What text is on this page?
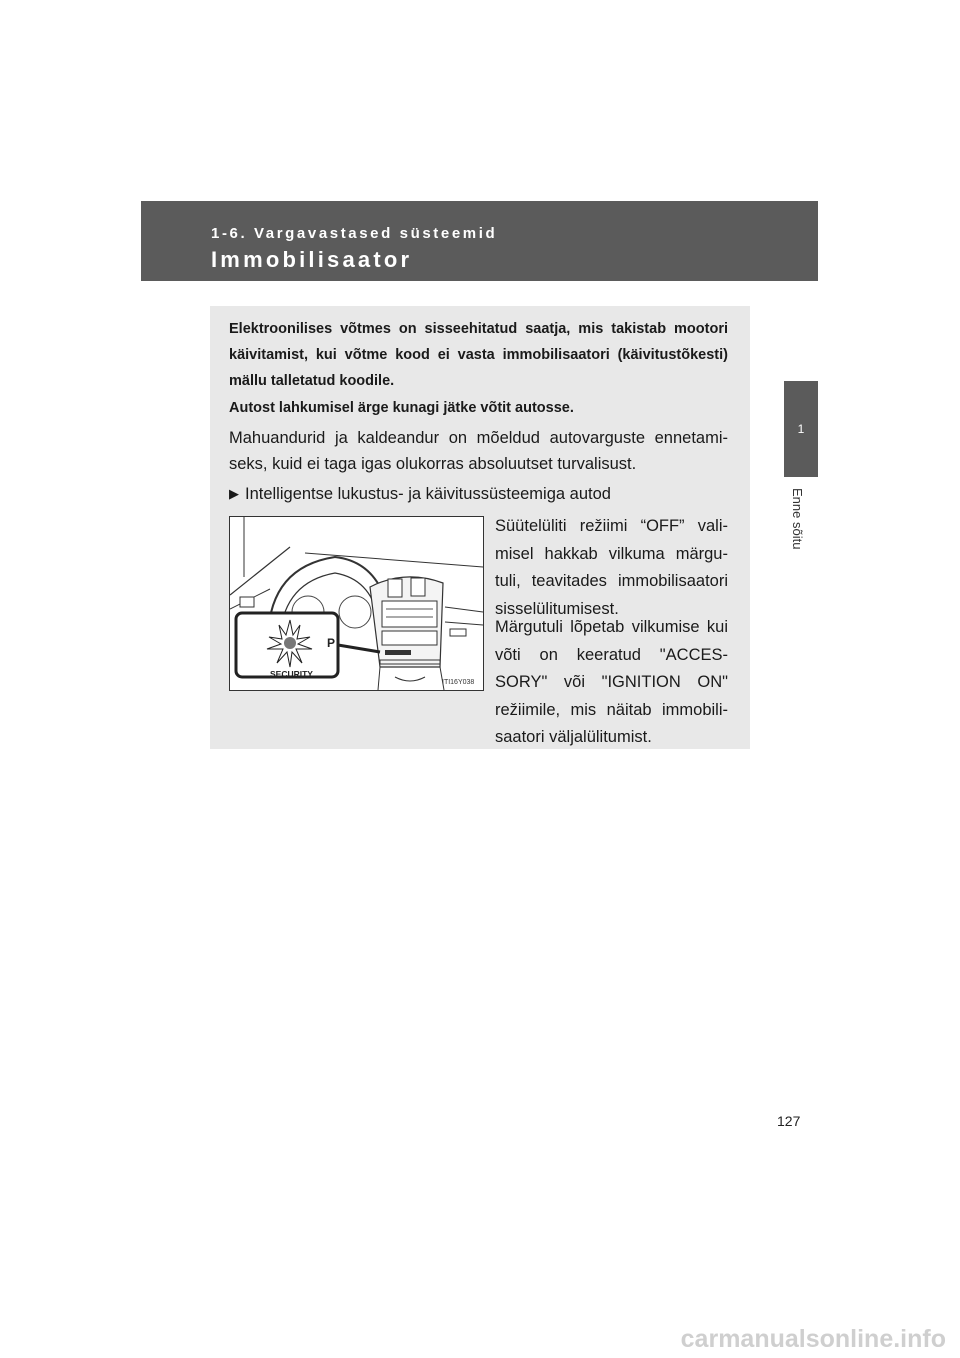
1-6. Vargavastased süsteemid
Immobilisaator
1
Enne sõitu

Elektroonilises võtmes on sisseehitatud saatja, mis takistab mootori käivitamist, kui võtme kood ei vasta immobilisaatori (käivitustõkesti) mällu talletatud koodile.

Autost lahkumisel ärge kunagi jätke võtit autosse.

Mahuandurid ja kaldeandur on mõeldud autovarguste ennetamiseks, kuid ei taga igas olukorras absoluutset turvalisust.

▶ Intelligentse lukustus- ja käivitussüsteemiga autod

Süütelüliti režiimi “OFF” valimisel hakkab vilkuma märgutuli, teavitades immobilisaatori sisselülitumisest.

Märgutuli lõpetab vilkumise kui võti on keeratud "ACCESSORY" või "IGNITION ON" režiimile, mis näitab immobilisaatori väljalülitumist.

SECURITY
P
ITI16Y038
127
carmanualsonline.info
